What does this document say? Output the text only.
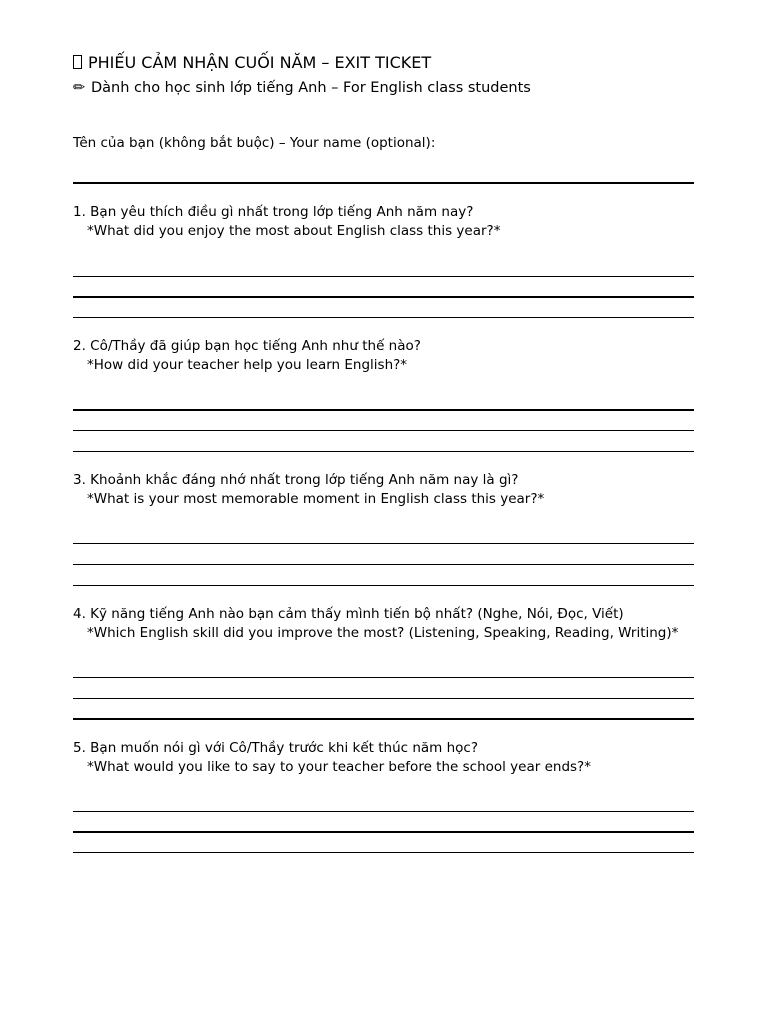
PHIẾU CẢM NHẬN CUỐI NĂM – EXIT TICKET
✏ Dành cho học sinh lớp tiếng Anh – For English class students
Tên của bạn (không bắt buộc) – Your name (optional):
1. Bạn yêu thích điều gì nhất trong lớp tiếng Anh năm nay?
*What did you enjoy the most about English class this year?*
2. Cô/Thầy đã giúp bạn học tiếng Anh như thế nào?
*How did your teacher help you learn English?*
3. Khoảnh khắc đáng nhớ nhất trong lớp tiếng Anh năm nay là gì?
*What is your most memorable moment in English class this year?*
4. Kỹ năng tiếng Anh nào bạn cảm thấy mình tiến bộ nhất? (Nghe, Nói, Đọc, Viết)
*Which English skill did you improve the most? (Listening, Speaking, Reading, Writing)*
5. Bạn muốn nói gì với Cô/Thầy trước khi kết thúc năm học?
*What would you like to say to your teacher before the school year ends?*
